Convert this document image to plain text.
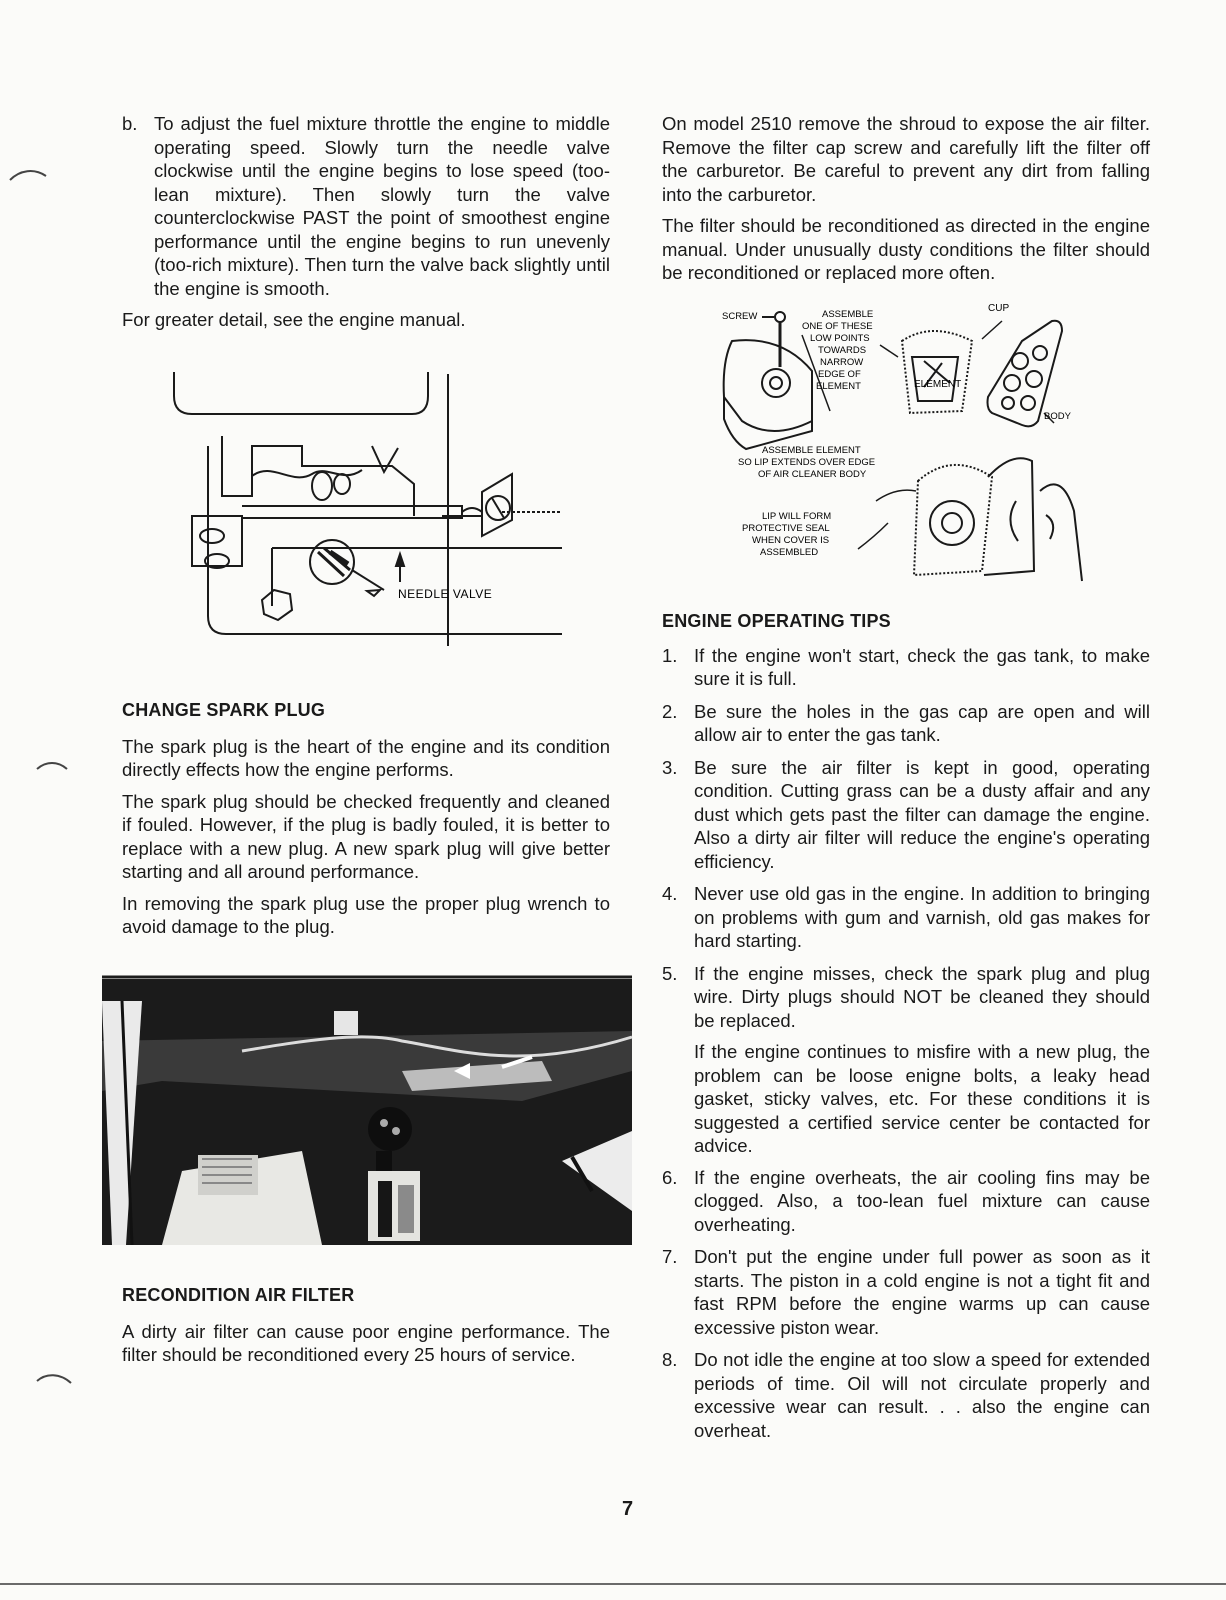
b. To adjust the fuel mixture throttle the engine to middle operating speed. Slowly turn the needle valve clockwise until the engine begins to lose speed (too-lean mixture). Then slowly turn the valve counterclockwise PAST the point of smoothest engine performance until the engine begins to run unevenly (too-rich mixture). Then turn the valve back slightly until the engine is smooth.

For greater detail, see the engine manual.

NEEDLE VALVE
CHANGE SPARK PLUG

The spark plug is the heart of the engine and its condition directly effects how the engine performs.

The spark plug should be checked frequently and cleaned if fouled. However, if the plug is badly fouled, it is better to replace with a new plug. A new spark plug will give better starting and all around performance.

In removing the spark plug use the proper plug wrench to avoid damage to the plug.

RECONDITION AIR FILTER

A dirty air filter can cause poor engine performance. The filter should be reconditioned every 25 hours of service.

On model 2510 remove the shroud to expose the air filter. Remove the filter cap screw and carefully lift the filter off the carburetor. Be careful to prevent any dirt from falling into the carburetor.

The filter should be reconditioned as directed in the engine manual. Under unusually dusty conditions the filter should be reconditioned or replaced more often.

SCREW	ASSEMBLE
ONE OF THESE
LOW POINTS
TOWARDS
NARROW
EDGE OF
ELEMENT
CUP
ELEMENT
BODY
ASSEMBLE ELEMENT
SO LIP EXTENDS OVER EDGE
OF AIR CLEANER BODY
LIP WILL FORM
PROTECTIVE SEAL
WHEN COVER IS
ASSEMBLED
ENGINE OPERATING TIPS
1. If the engine won't start, check the gas tank, to make sure it is full.
2. Be sure the holes in the gas cap are open and will allow air to enter the gas tank.
3. Be sure the air filter is kept in good, operating condition. Cutting grass can be a dusty affair and any dust which gets past the filter can damage the engine. Also a dirty air filter will reduce the engine's operating efficiency.
4. Never use old gas in the engine. In addition to bringing on problems with gum and varnish, old gas makes for hard starting.
5. If the engine misses, check the spark plug and plug wire. Dirty plugs should NOT be cleaned they should be replaced.

If the engine continues to misfire with a new plug, the problem can be loose enigne bolts, a leaky head gasket, sticky valves, etc. For these conditions it is suggested a certified service center be contacted for advice.

6. If the engine overheats, the air cooling fins may be clogged. Also, a too-lean fuel mixture can cause overheating.
7. Don't put the engine under full power as soon as it starts. The piston in a cold engine is not a tight fit and fast RPM before the engine warms up can cause excessive piston wear.
8. Do not idle the engine at too slow a speed for extended periods of time. Oil will not circulate properly and excessive wear can result. . . also the engine can overheat.
7
